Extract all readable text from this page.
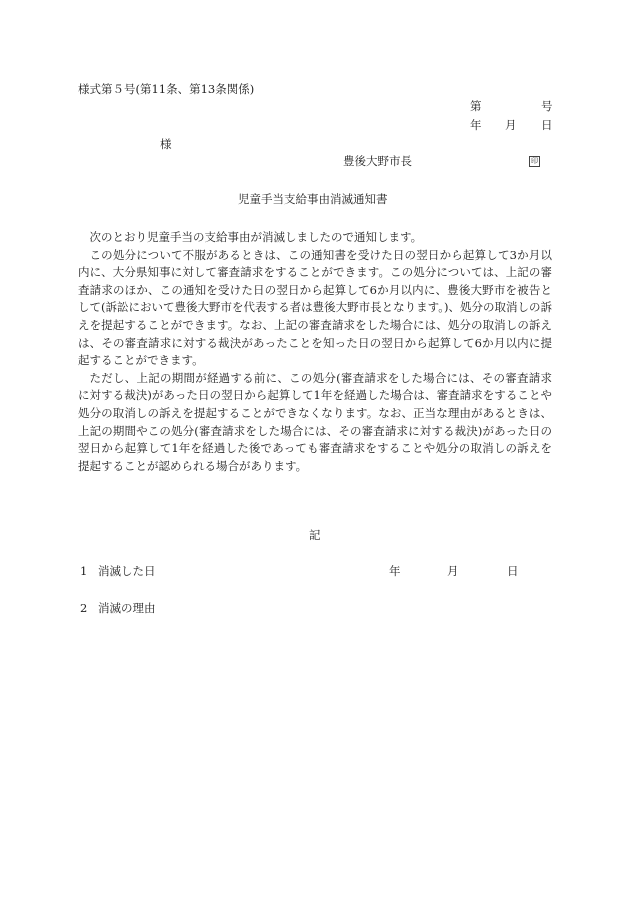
様式第５号(第11条、第13条関係)
第	号
年 月 日
様
豊後大野市長	印
児童手当支給事由消滅通知書

次のとおり児童手当の支給事由が消滅しましたので通知します。

この処分について不服があるときは、この通知書を受けた日の翌日から起算して3か月以内に、大分県知事に対して審査請求をすることができます。この処分については、上記の審査請求のほか、この通知を受けた日の翌日から起算して6か月以内に、豊後大野市を被告として(訴訟において豊後大野市を代表する者は豊後大野市長となります。)、処分の取消しの訴えを提起することができます。なお、上記の審査請求をした場合には、処分の取消しの訴えは、その審査請求に対する裁決があったことを知った日の翌日から起算して6か月以内に提起することができます。

ただし、上記の期間が経過する前に、この処分(審査請求をした場合には、その審査請求に対する裁決)があった日の翌日から起算して1年を経過した場合は、審査請求をすることや処分の取消しの訴えを提起することができなくなります。なお、正当な理由があるときは、上記の期間やこの処分(審査請求をした場合には、その審査請求に対する裁決)があった日の翌日から起算して1年を経過した後であっても審査請求をすることや処分の取消しの訴えを提起することが認められる場合があります。

記
1 消滅した日	年	月	日
2 消滅の理由
